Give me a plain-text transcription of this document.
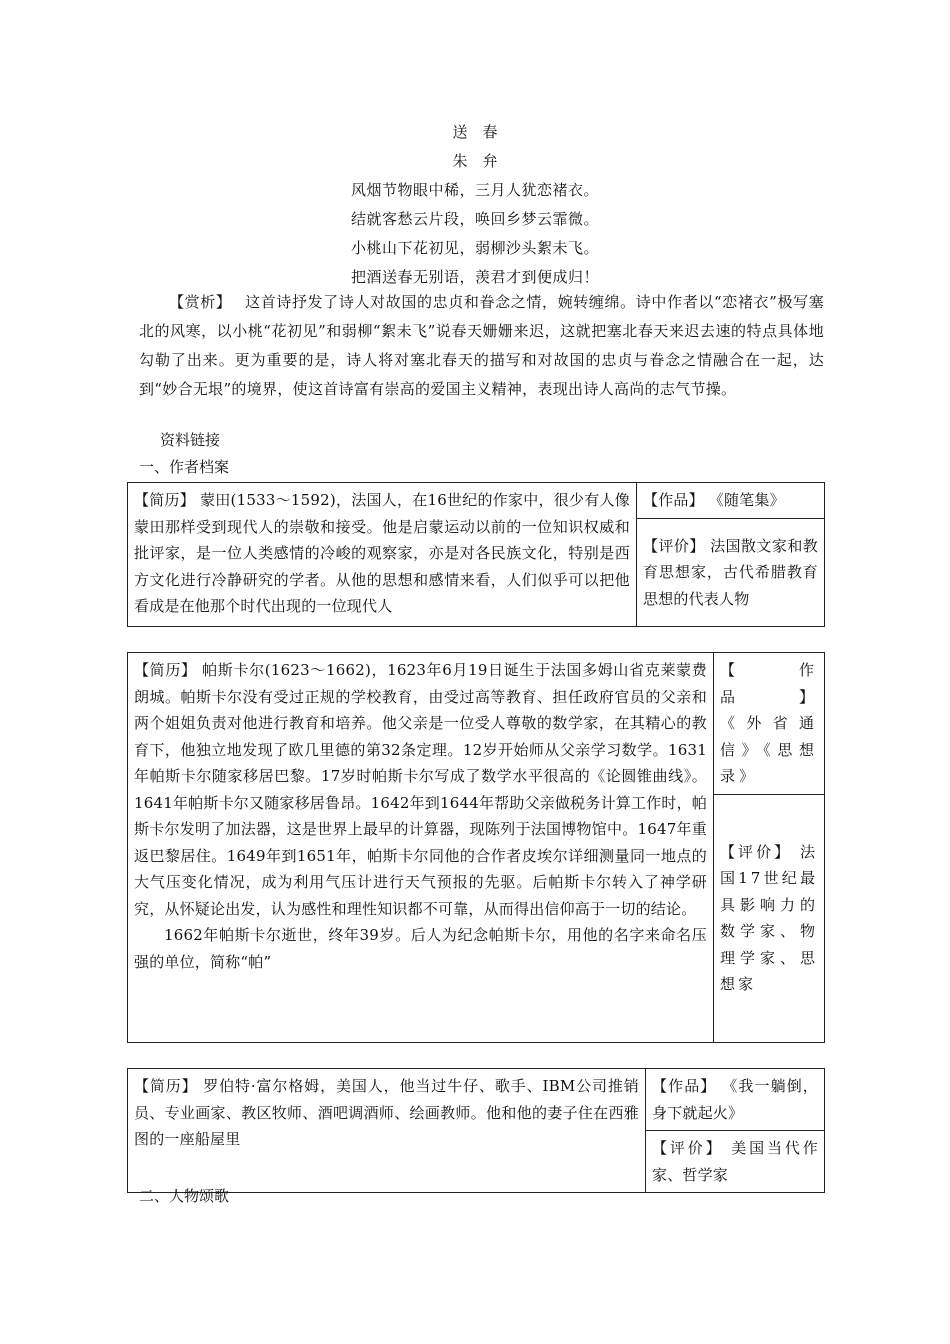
送　春
朱　弁
风烟节物眼中稀，三月人犹恋褚衣。
结就客愁云片段，唤回乡梦云霏微。
小桃山下花初见，弱柳沙头絮未飞。
把酒送春无别语，羡君才到便成归！
【赏析】　 这首诗抒发了诗人对故国的忠贞和眷念之情，婉转缠绵。诗中作者以“恋褚衣”极写塞北的风寒，以小桃“花初见”和弱柳“絮未飞”说春天姗姗来迟，这就把塞北春天来迟去速的特点具体地勾勒了出来。更为重要的是，诗人将对塞北春天的描写和对故国的忠贞与眷念之情融合在一起，达到“妙合无垠”的境界，使这首诗富有崇高的爱国主义精神，表现出诗人高尚的志气节操。
资料链接
一、作者档案
【简历】 蒙田(1533～1592)，法国人，在16世纪的作家中，很少有人像蒙田那样受到现代人的崇敬和接受。他是启蒙运动以前的一位知识权威和批评家，是一位人类感情的冷峻的观察家，亦是对各民族文化，特别是西方文化进行冷静研究的学者。从他的思想和感情来看，人们似乎可以把他看成是在他那个时代出现的一位现代人	【作品】 《随笔集》
【评价】 法国散文家和教育思想家，古代希腊教育思想的代表人物
【简历】 帕斯卡尔(1623～1662)，1623年6月19日诞生于法国多姆山省克莱蒙费朗城。帕斯卡尔没有受过正规的学校教育，由受过高等教育、担任政府官员的父亲和两个姐姐负责对他进行教育和培养。他父亲是一位受人尊敬的数学家，在其精心的教育下，他独立地发现了欧几里德的第32条定理。12岁开始师从父亲学习数学。1631年帕斯卡尔随家移居巴黎。17岁时帕斯卡尔写成了数学水平很高的《论圆锥曲线》。1641年帕斯卡尔又随家移居鲁昂。1642年到1644年帮助父亲做税务计算工作时，帕斯卡尔发明了加法器，这是世界上最早的计算器，现陈列于法国博物馆中。1647年重返巴黎居住。1649年到1651年，帕斯卡尔同他的合作者皮埃尔详细测量同一地点的大气压变化情况，成为利用气压计进行天气预报的先驱。后帕斯卡尔转入了神学研究，从怀疑论出发，认为感性和理性知识都不可靠，从而得出信仰高于一切的结论。
1662年帕斯卡尔逝世，终年39岁。后人为纪念帕斯卡尔，用他的名字来命名压强的单位，简称“帕”
	【　作　品　】 《外省通信》《思想录》
【评价】 法国17世纪最具影响力的数学家、物理学家、思想家
【简历】 罗伯特·富尔格姆，美国人，他当过牛仔、歌手、IBM公司推销员、专业画家、教区牧师、酒吧调酒师、绘画教师。他和他的妻子住在西雅图的一座船屋里	【作品】 《我一躺倒，身下就起火》
【评价】 美国当代作家、哲学家
二、人物颂歌
